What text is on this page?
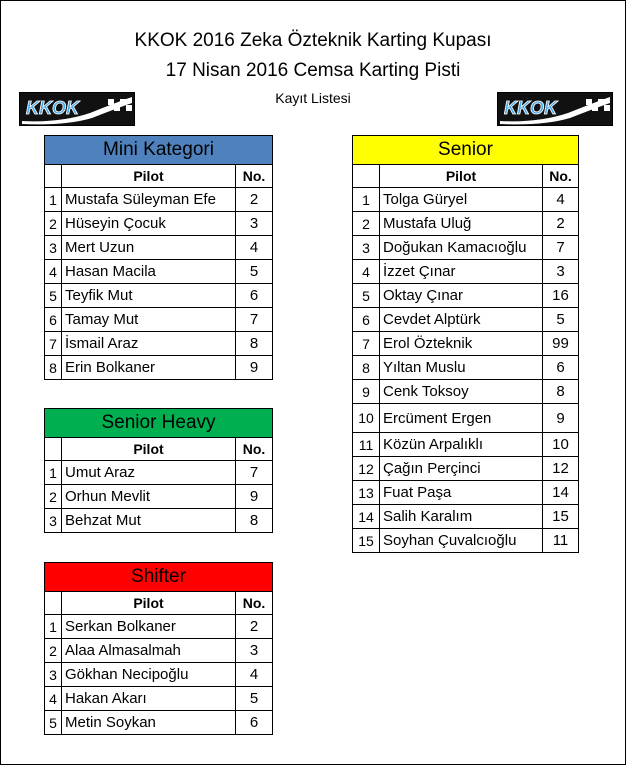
KKOK 2016 Zeka Özteknik Karting Kupası
17 Nisan 2016 Cemsa Karting Pisti
Kayıt Listesi
KKOK	KKOK
Mini Kategori		
	Pilot	No.
1	Mustafa Süleyman Efe	2
2	Hüseyin Çocuk	3
3	Mert Uzun	4
4	Hasan Macila	5
5	Teyfik Mut	6
6	Tamay Mut	7
7	İsmail Araz	8
8	Erin Bolkaner	9
Senior Heavy		
	Pilot	No.
1	Umut Araz	7
2	Orhun Mevlit	9
3	Behzat Mut	8
Shifter		
	Pilot	No.
1	Serkan Bolkaner	2
2	Alaa Almasalmah	3
3	Gökhan Necipoğlu	4
4	Hakan Akarı	5
5	Metin Soykan	6
Senior		
	Pilot	No.
1	Tolga Güryel	4
2	Mustafa Uluğ	2
3	Doğukan Kamacıoğlu	7
4	İzzet Çınar	3
5	Oktay Çınar	16
6	Cevdet Alptürk	5
7	Erol Özteknik	99
8	Yıltan Muslu	6
9	Cenk Toksoy	8
10	Ercüment Ergen	9
11	Közün Arpalıklı	10
12	Çağın Perçinci	12
13	Fuat Paşa	14
14	Salih Karalım	15
15	Soyhan Çuvalcıoğlu	11
